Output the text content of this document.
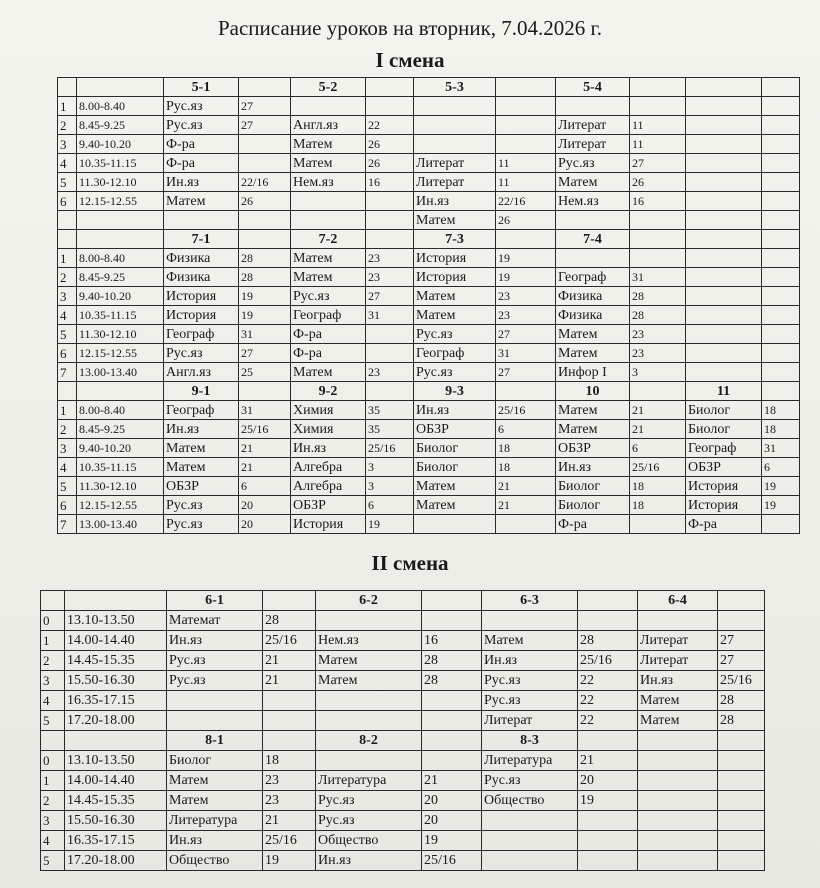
Расписание уроков на вторник, 7.04.2026 г.
I смена
		5-1		5-2		5-3		5-4			
1	8.00-8.40	Рус.яз	27								
2	8.45-9.25	Рус.яз	27	Англ.яз	22			Литерат	11		
3	9.40-10.20	Ф-ра		Матем	26			Литерат	11		
4	10.35-11.15	Ф-ра		Матем	26	Литерат	11	Рус.яз	27		
5	11.30-12.10	Ин.яз	22/16	Нем.яз	16	Литерат	11	Матем	26		
6	12.15-12.55	Матем	26			Ин.яз	22/16	Нем.яз	16		
						Матем	26				
		7-1		7-2		7-3		7-4			
1	8.00-8.40	Физика	28	Матем	23	История	19				
2	8.45-9.25	Физика	28	Матем	23	История	19	Географ	31		
3	9.40-10.20	История	19	Рус.яз	27	Матем	23	Физика	28		
4	10.35-11.15	История	19	Географ	31	Матем	23	Физика	28		
5	11.30-12.10	Географ	31	Ф-ра		Рус.яз	27	Матем	23		
6	12.15-12.55	Рус.яз	27	Ф-ра		Географ	31	Матем	23		
7	13.00-13.40	Англ.яз	25	Матем	23	Рус.яз	27	Инфор I	3		
		9-1		9-2		9-3		10		11	
1	8.00-8.40	Географ	31	Химия	35	Ин.яз	25/16	Матем	21	Биолог	18
2	8.45-9.25	Ин.яз	25/16	Химия	35	ОБЗР	6	Матем	21	Биолог	18
3	9.40-10.20	Матем	21	Ин.яз	25/16	Биолог	18	ОБЗР	6	Географ	31
4	10.35-11.15	Матем	21	Алгебра	3	Биолог	18	Ин.яз	25/16	ОБЗР	6
5	11.30-12.10	ОБЗР	6	Алгебра	3	Матем	21	Биолог	18	История	19
6	12.15-12.55	Рус.яз	20	ОБЗР	6	Матем	21	Биолог	18	История	19
7	13.00-13.40	Рус.яз	20	История	19			Ф-ра		Ф-ра	
II смена
		6-1		6-2		6-3		6-4	
0	13.10-13.50	Математ	28						
1	14.00-14.40	Ин.яз	25/16	Нем.яз	16	Матем	28	Литерат	27
2	14.45-15.35	Рус.яз	21	Матем	28	Ин.яз	25/16	Литерат	27
3	15.50-16.30	Рус.яз	21	Матем	28	Рус.яз	22	Ин.яз	25/16
4	16.35-17.15					Рус.яз	22	Матем	28
5	17.20-18.00					Литерат	22	Матем	28
		8-1		8-2		8-3			
0	13.10-13.50	Биолог	18			Литература	21		
1	14.00-14.40	Матем	23	Литература	21	Рус.яз	20		
2	14.45-15.35	Матем	23	Рус.яз	20	Общество	19		
3	15.50-16.30	Литература	21	Рус.яз	20				
4	16.35-17.15	Ин.яз	25/16	Общество	19				
5	17.20-18.00	Общество	19	Ин.яз	25/16				
